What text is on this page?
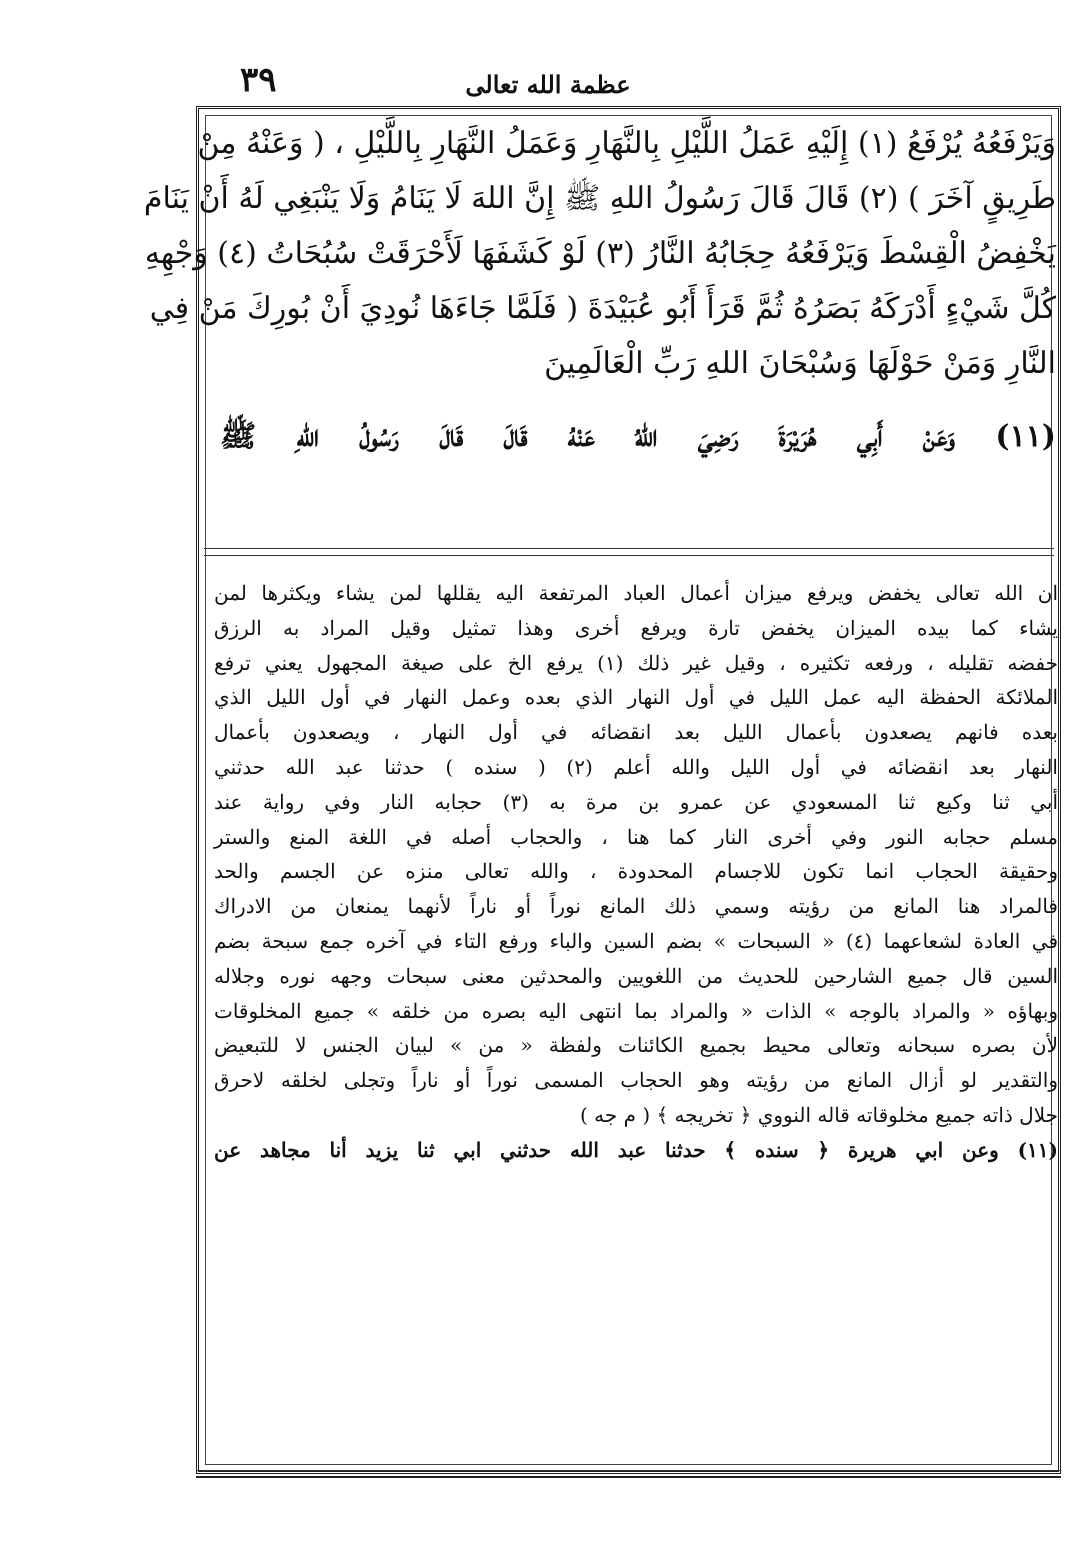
٣٩	عظمة الله تعالى
وَيَرْفَعُهُ يُرْفَعُ (١) إِلَيْهِ عَمَلُ اللَّيْلِ بِالنَّهَارِ وَعَمَلُ النَّهَارِ بِاللَّيْلِ ، ( وَعَنْهُ مِنْ
طَرِيقٍ آخَرَ ) (٢) قَالَ قَالَ رَسُولُ اللهِ ﷺ إِنَّ اللهَ لَا يَنَامُ وَلَا يَنْبَغِي لَهُ أَنْ يَنَامَ
يَخْفِضُ الْقِسْطَ وَيَرْفَعُهُ حِجَابُهُ النَّارُ (٣) لَوْ كَشَفَهَا لَأَحْرَقَتْ سُبُحَاتُ (٤) وَجْهِهِ
كُلَّ شَيْءٍ أَدْرَكَهُ بَصَرُهُ ثُمَّ قَرَأَ أَبُو عُبَيْدَةَ ( فَلَمَّا جَاءَهَا نُودِيَ أَنْ بُورِكَ مَنْ فِي
النَّارِ وَمَنْ حَوْلَهَا وَسُبْحَانَ اللهِ رَبِّ الْعَالَمِينَ
(١١) وَعَنْ أَبِي هُرَيْرَةَ رَضِيَ اللهُ عَنْهُ قَالَ قَالَ رَسُولُ اللهِ ﷺ
ان الله تعالى يخفض ويرفع ميزان أعمال العباد المرتفعة اليه يقللها لمن يشاء ويكثرها لمن
يشاء كما بيده الميزان يخفض تارة ويرفع أخرى وهذا تمثيل وقيل المراد به الرزق
خفضه تقليله ، ورفعه تكثيره ، وقيل غير ذلك (١) يرفع الخ على صيغة المجهول يعني ترفع
الملائكة الحفظة اليه عمل الليل في أول النهار الذي بعده وعمل النهار في أول الليل الذي
بعده فانهم يصعدون بأعمال الليل بعد انقضائه في أول النهار ، ويصعدون بأعمال
النهار بعد انقضائه في أول الليل والله أعلم (٢) ( سنده ) حدثنا عبد الله حدثني
أبي ثنا وكيع ثنا المسعودي عن عمرو بن مرة به (٣) حجابه النار وفي رواية عند
مسلم حجابه النور وفي أخرى النار كما هنا ، والحجاب أصله في اللغة المنع والستر
وحقيقة الحجاب انما تكون للاجسام المحدودة ، والله تعالى منزه عن الجسم والحد
فالمراد هنا المانع من رؤيته وسمي ذلك المانع نوراً أو ناراً لأنهما يمنعان من الادراك
في العادة لشعاعهما (٤) « السبحات » بضم السين والباء ورفع التاء في آخره جمع سبحة بضم
السين قال جميع الشارحين للحديث من اللغويين والمحدثين معنى سبحات وجهه نوره وجلاله
وبهاؤه « والمراد بالوجه » الذات « والمراد بما انتهى اليه بصره من خلقه » جميع المخلوقات
لأن بصره سبحانه وتعالى محيط بجميع الكائنات ولفظة « من » لبيان الجنس لا للتبعيض
والتقدير لو أزال المانع من رؤيته وهو الحجاب المسمى نوراً أو ناراً وتجلى لخلقه لاحرق
جلال ذاته جميع مخلوقاته قاله النووي ﴿ تخريجه ﴾ ( م جه )
(١١) وعن ابي هريرة ﴿ سنده ﴾ حدثنا عبد الله حدثني ابي ثنا يزيد أنا مجاهد عن
